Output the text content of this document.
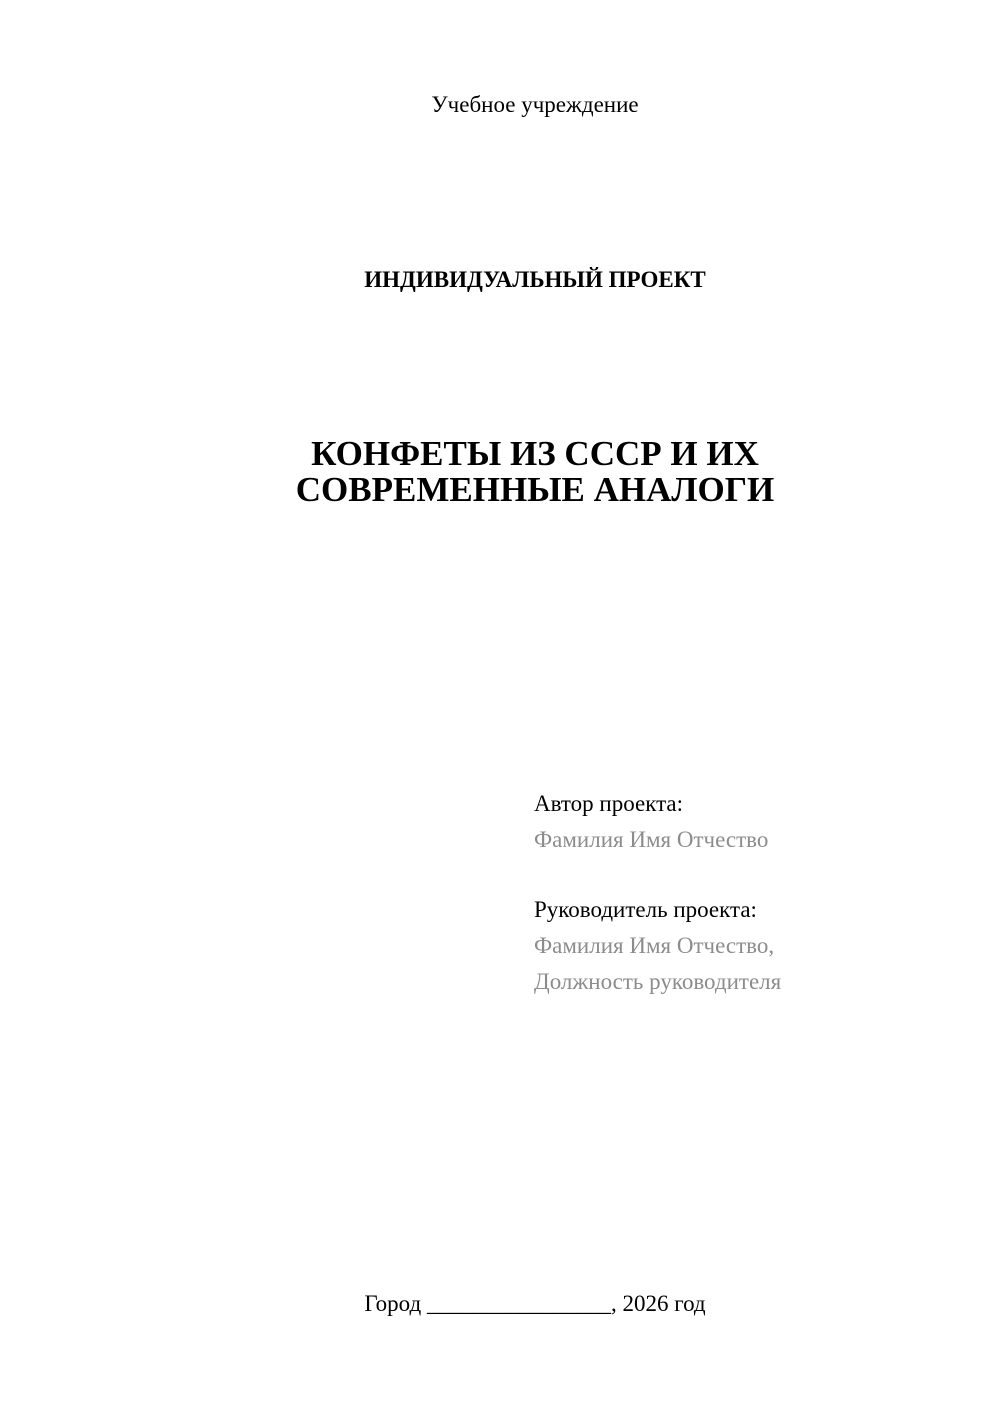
Учебное учреждение
ИНДИВИДУАЛЬНЫЙ ПРОЕКТ
КОНФЕТЫ ИЗ СССР И ИХ
СОВРЕМЕННЫЕ АНАЛОГИ
Автор проекта:
Фамилия Имя Отчество
Руководитель проекта:
Фамилия Имя Отчество,
Должность руководителя
Город ________________, 2026 год
